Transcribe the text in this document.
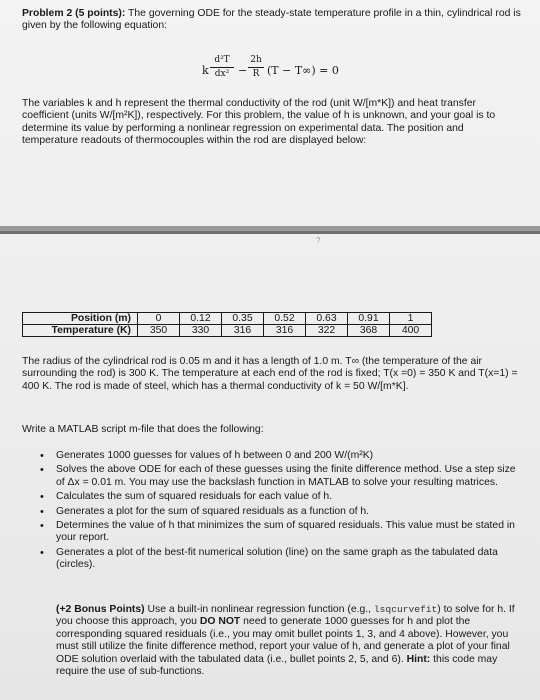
Problem 2 (5 points): The governing ODE for the steady-state temperature profile in a thin, cylindrical rod is given by the following equation:
k
d²T
dx² −
2h
R (T − T∞) = 0
The variables k and h represent the thermal conductivity of the rod (unit W/[m*K]) and heat transfer coefficient (units W/[m²K]), respectively. For this problem, the value of h is unknown, and your goal is to determine its value by performing a nonlinear regression on experimental data. The position and temperature readouts of thermocouples within the rod are displayed below:
?
Position (m)	0	0.12	0.35	0.52	0.63	0.91	1
Temperature (K)	350	330	316	316	322	368	400
The radius of the cylindrical rod is 0.05 m and it has a length of 1.0 m. T∞ (the temperature of the air surrounding the rod) is 300 K. The temperature at each end of the rod is fixed; T(x =0) = 350 K and T(x=1) = 400 K. The rod is made of steel, which has a thermal conductivity of k = 50 W/[m*K].
Write a MATLAB script m-file that does the following:
• Generates 1000 guesses for values of h between 0 and 200 W/(m²K)
• Solves the above ODE for each of these guesses using the finite difference method. Use a step size of Δx = 0.01 m. You may use the backslash function in MATLAB to solve your resulting matrices.
• Calculates the sum of squared residuals for each value of h.
• Generates a plot for the sum of squared residuals as a function of h.
• Determines the value of h that minimizes the sum of squared residuals. This value must be stated in your report.
• Generates a plot of the best-fit numerical solution (line) on the same graph as the tabulated data (circles).
(+2 Bonus Points) Use a built-in nonlinear regression function (e.g., lsqcurvefit) to solve for h. If you choose this approach, you DO NOT need to generate 1000 guesses for h and plot the corresponding squared residuals (i.e., you may omit bullet points 1, 3, and 4 above). However, you must still utilize the finite difference method, report your value of h, and generate a plot of your final ODE solution overlaid with the tabulated data (i.e., bullet points 2, 5, and 6). Hint: this code may require the use of sub-functions.
